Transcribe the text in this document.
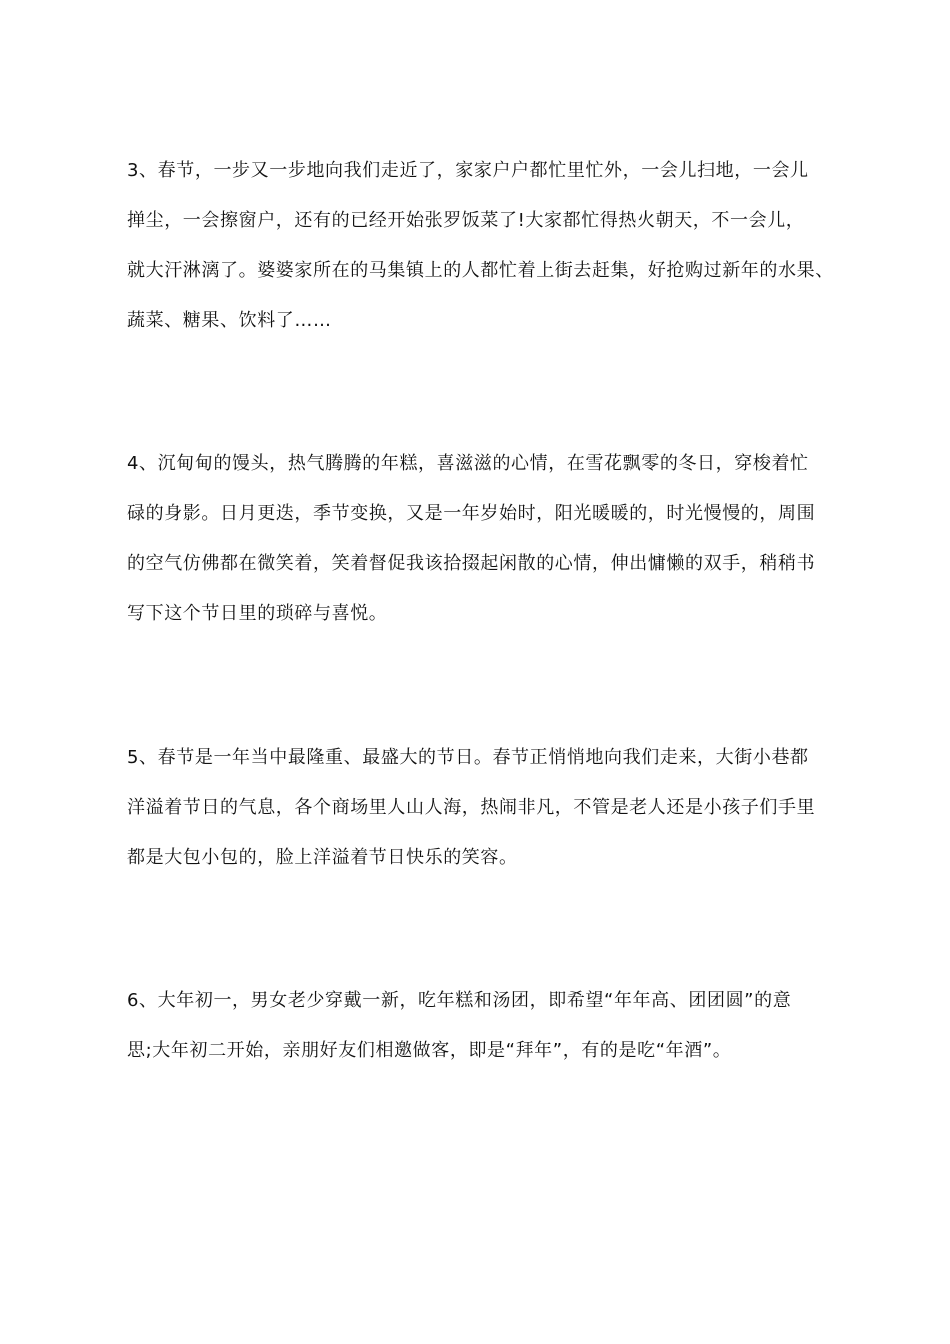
3、春节，一步又一步地向我们走近了，家家户户都忙里忙外，一会儿扫地，一会儿
掸尘，一会擦窗户，还有的已经开始张罗饭菜了!大家都忙得热火朝天，不一会儿，
就大汗淋漓了。婆婆家所在的马集镇上的人都忙着上街去赶集，好抢购过新年的水果、
蔬菜、糖果、饮料了……
4、沉甸甸的馒头，热气腾腾的年糕，喜滋滋的心情，在雪花飘零的冬日，穿梭着忙
碌的身影。日月更迭，季节变换，又是一年岁始时，阳光暖暖的，时光慢慢的，周围
的空气仿佛都在微笑着，笑着督促我该拾掇起闲散的心情，伸出慵懒的双手，稍稍书
写下这个节日里的琐碎与喜悦。
5、春节是一年当中最隆重、最盛大的节日。春节正悄悄地向我们走来，大街小巷都
洋溢着节日的气息，各个商场里人山人海，热闹非凡，不管是老人还是小孩子们手里
都是大包小包的，脸上洋溢着节日快乐的笑容。
6、大年初一，男女老少穿戴一新，吃年糕和汤团，即希望“年年高、团团圆”的意
思;大年初二开始，亲朋好友们相邀做客，即是“拜年”，有的是吃“年酒”。
